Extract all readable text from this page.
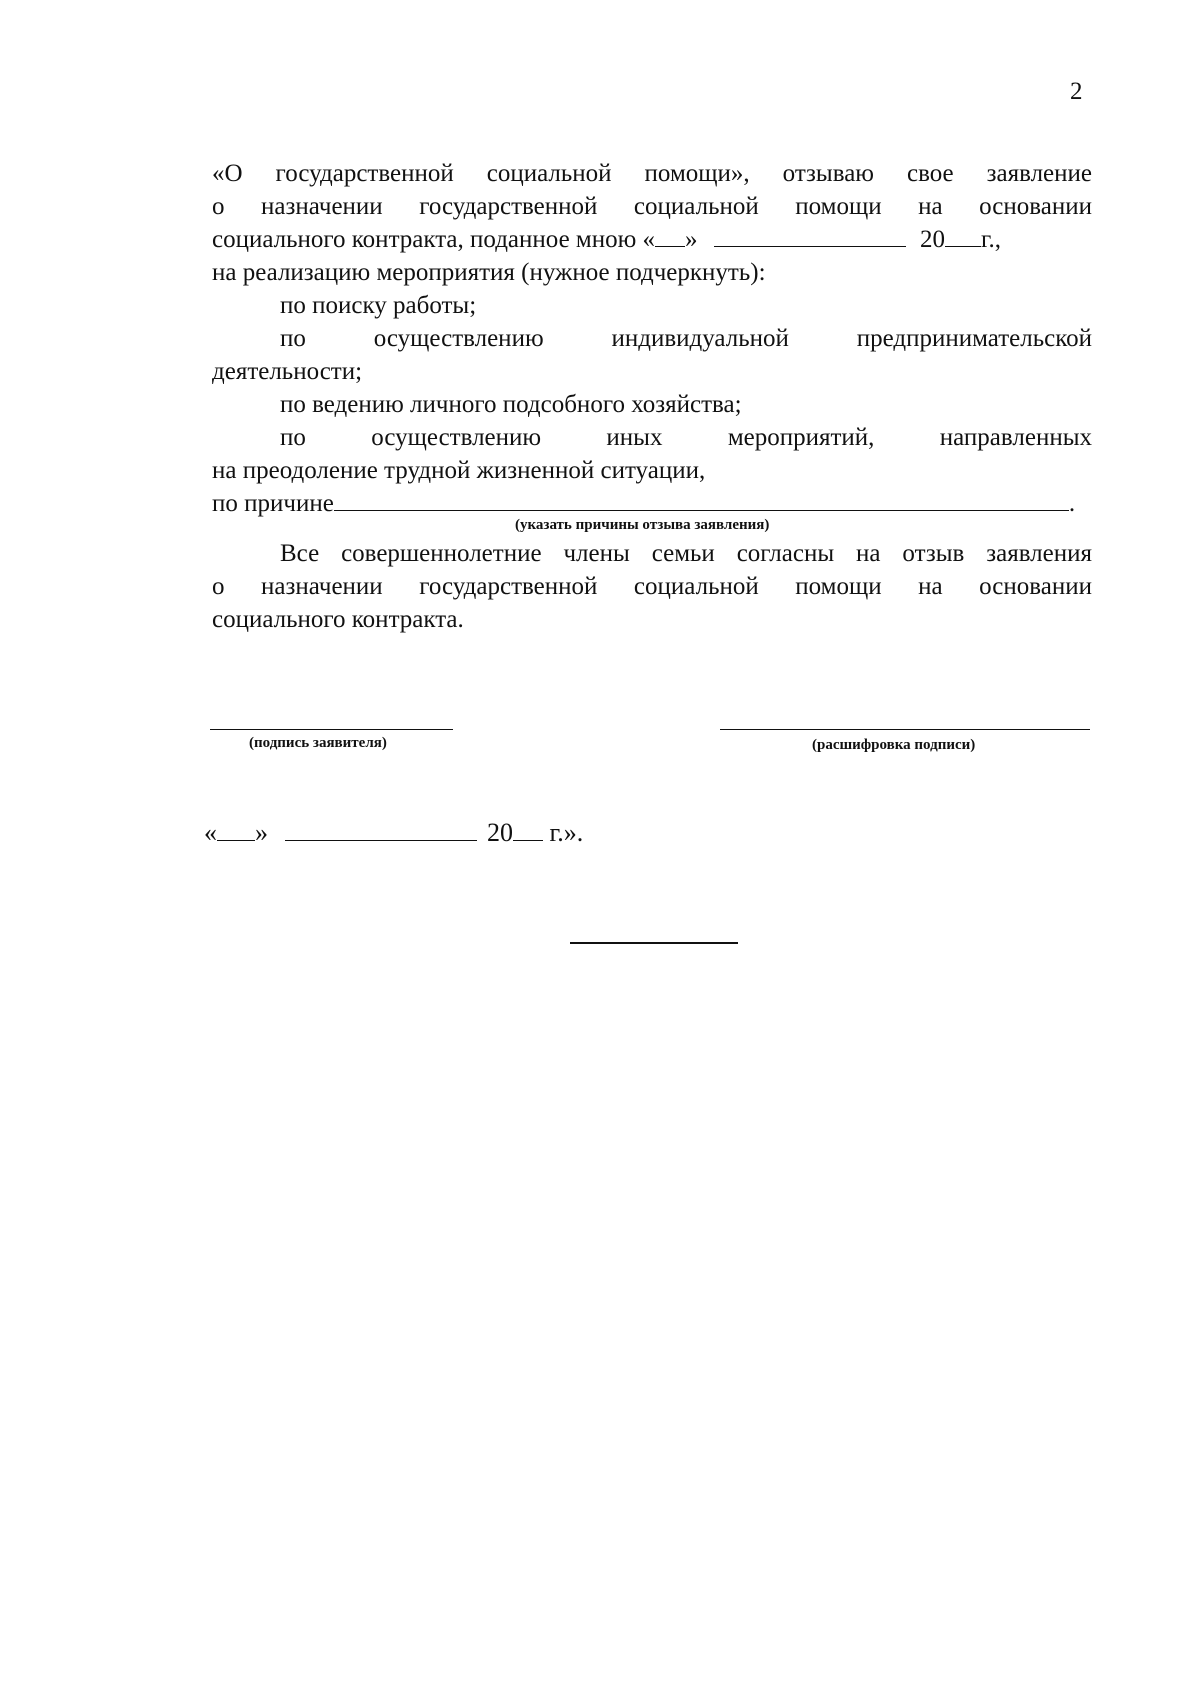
2
«О государственной социальной помощи», отзываю свое заявление
о назначении государственной социальной помощи на основании
социального контракта, поданное мною « »	20 г.,
на реализацию мероприятия (нужное подчеркнуть):
по поиску работы;
по осуществлению индивидуальной предпринимательской
деятельности;
по ведению личного подсобного хозяйства;
по осуществлению иных мероприятий, направленных
на преодоление трудной жизненной ситуации,
по причине	.
Все совершеннолетние члены семьи согласны на отзыв заявления
о назначении государственной социальной помощи на основании
социального контракта.
(указать причины отзыва заявления)
(подпись заявителя)	(расшифровка подписи)
« »	20 г.».
